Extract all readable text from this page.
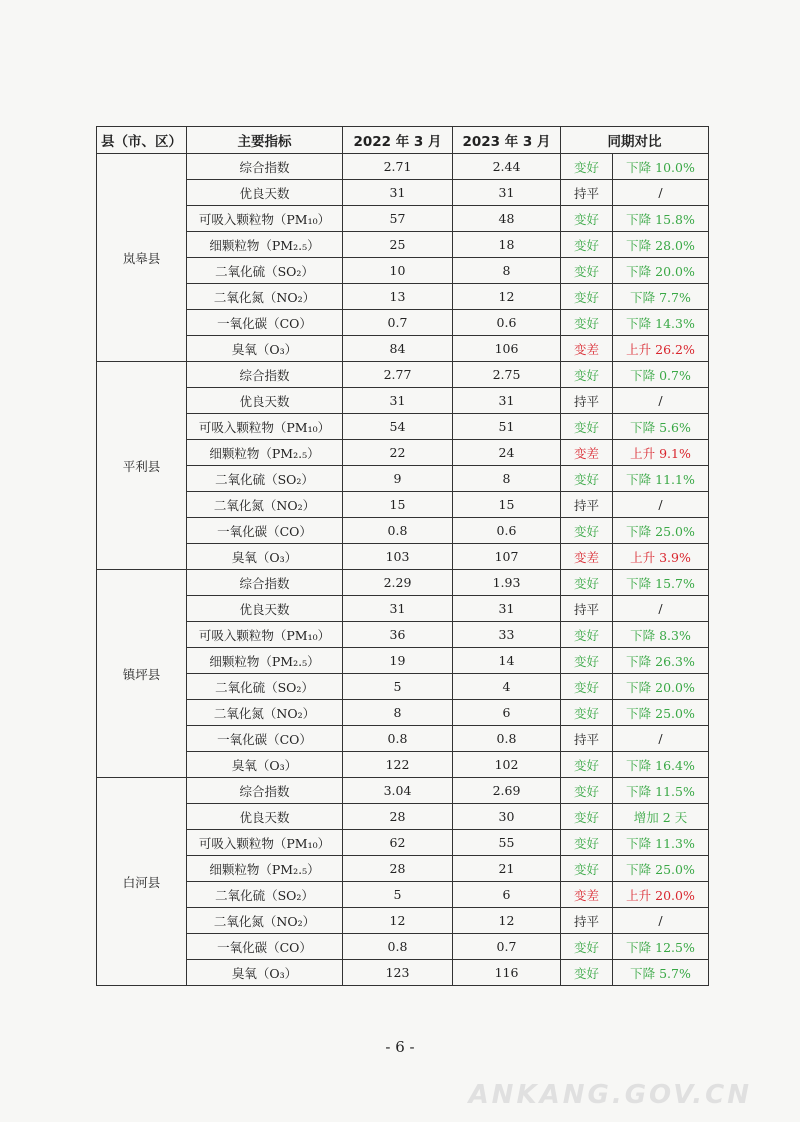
县（市、区）	主要指标	2022 年 3 月	2023 年 3 月	同期对比	
岚皋县	综合指数	2.71	2.44	变好	下降 10.0%
	优良天数	31	31	持平	/
	可吸入颗粒物（PM₁₀）	57	48	变好	下降 15.8%
	细颗粒物（PM₂.₅）	25	18	变好	下降 28.0%
	二氧化硫（SO₂）	10	8	变好	下降 20.0%
	二氧化氮（NO₂）	13	12	变好	下降 7.7%
	一氧化碳（CO）	0.7	0.6	变好	下降 14.3%
	臭氧（O₃）	84	106	变差	上升 26.2%
平利县	综合指数	2.77	2.75	变好	下降 0.7%
	优良天数	31	31	持平	/
	可吸入颗粒物（PM₁₀）	54	51	变好	下降 5.6%
	细颗粒物（PM₂.₅）	22	24	变差	上升 9.1%
	二氧化硫（SO₂）	9	8	变好	下降 11.1%
	二氧化氮（NO₂）	15	15	持平	/
	一氧化碳（CO）	0.8	0.6	变好	下降 25.0%
	臭氧（O₃）	103	107	变差	上升 3.9%
镇坪县	综合指数	2.29	1.93	变好	下降 15.7%
	优良天数	31	31	持平	/
	可吸入颗粒物（PM₁₀）	36	33	变好	下降 8.3%
	细颗粒物（PM₂.₅）	19	14	变好	下降 26.3%
	二氧化硫（SO₂）	5	4	变好	下降 20.0%
	二氧化氮（NO₂）	8	6	变好	下降 25.0%
	一氧化碳（CO）	0.8	0.8	持平	/
	臭氧（O₃）	122	102	变好	下降 16.4%
白河县	综合指数	3.04	2.69	变好	下降 11.5%
	优良天数	28	30	变好	增加 2 天
	可吸入颗粒物（PM₁₀）	62	55	变好	下降 11.3%
	细颗粒物（PM₂.₅）	28	21	变好	下降 25.0%
	二氧化硫（SO₂）	5	6	变差	上升 20.0%
	二氧化氮（NO₂）	12	12	持平	/
	一氧化碳（CO）	0.8	0.7	变好	下降 12.5%
	臭氧（O₃）	123	116	变好	下降 5.7%
- 6 -
ANKANG.GOV.CN
